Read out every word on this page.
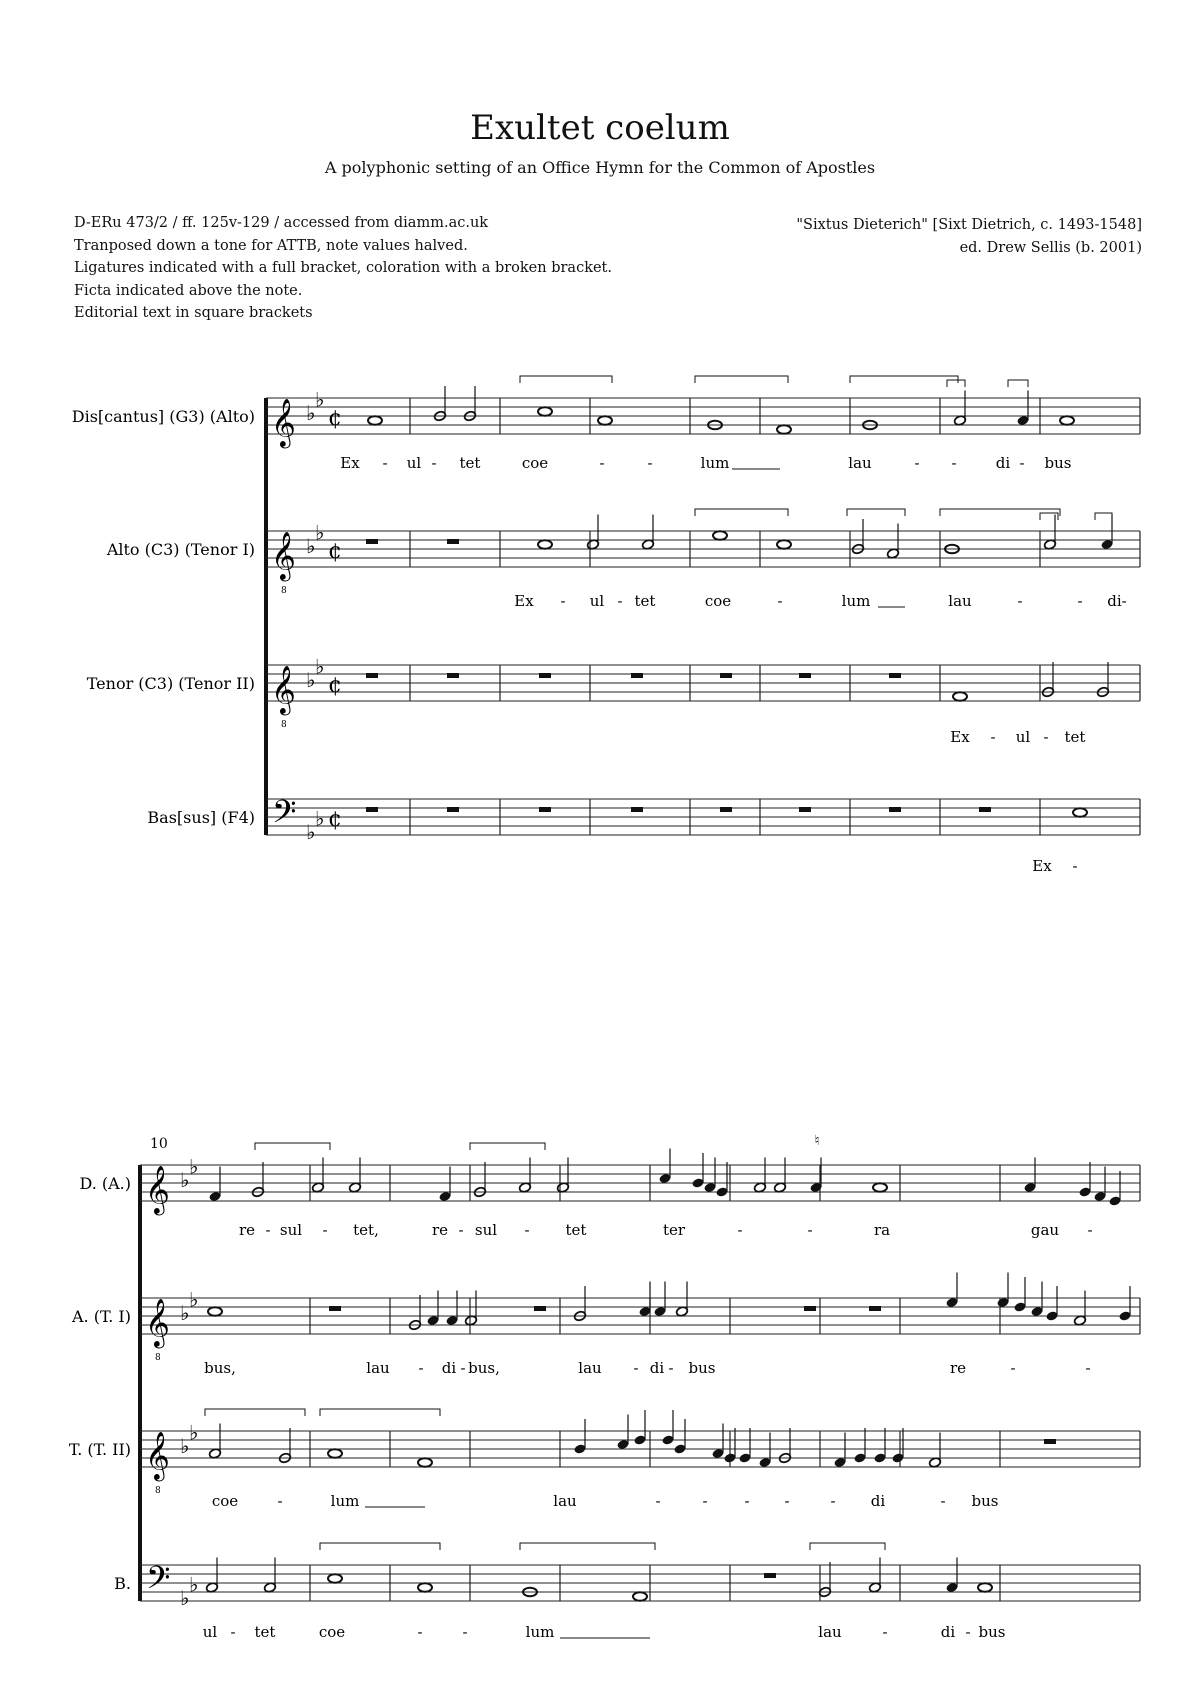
Exultet coelum
A polyphonic setting of an Office Hymn for the Common of Apostles
D-ERu 473/2 / ff. 125v-129 / accessed from diamm.ac.uk
Tranposed down a tone for ATTB, note values halved.
Ligatures indicated with a full bracket, coloration with a broken bracket.
Ficta indicated above the note.
Editorial text in square brackets
"Sixtus Dieterich" [Sixt Dietrich, c. 1493-1548]
ed. Drew Sellis (b. 2001)
𝄞 ♭
♭
¢
Ex - ul - tet	coe	-	-	lum	lau	- -	di - bus
Dis[cantus] (G3) (Alto)
𝄞
8
♭
♭
¢
Ex - ul - tet	coe	-	lum	lau	-	- di-
Alto (C3) (Tenor I)
𝄞
8
♭
♭
¢
Ex - ul - tet
Tenor (C3) (Tenor II)
𝄢 ♭
♭ ¢
Ex -
Bas[sus] (F4)
10
𝄞 ♭
♭
♮
re - sul - tet,	re - sul - tet	ter	-	-	ra	gau -
D. (A.)
𝄞
8
♭
♭
bus,	lau - di - bus,	lau - di - bus	re	-	-
A. (T. I)
𝄞
8
♭
♭
coe	-	lum	lau	-	- - -	- di	- bus
T. (T. II)
𝄢 ♭
♭
ul - tet	coe	-	-	lum	lau	-	di - bus
B.
